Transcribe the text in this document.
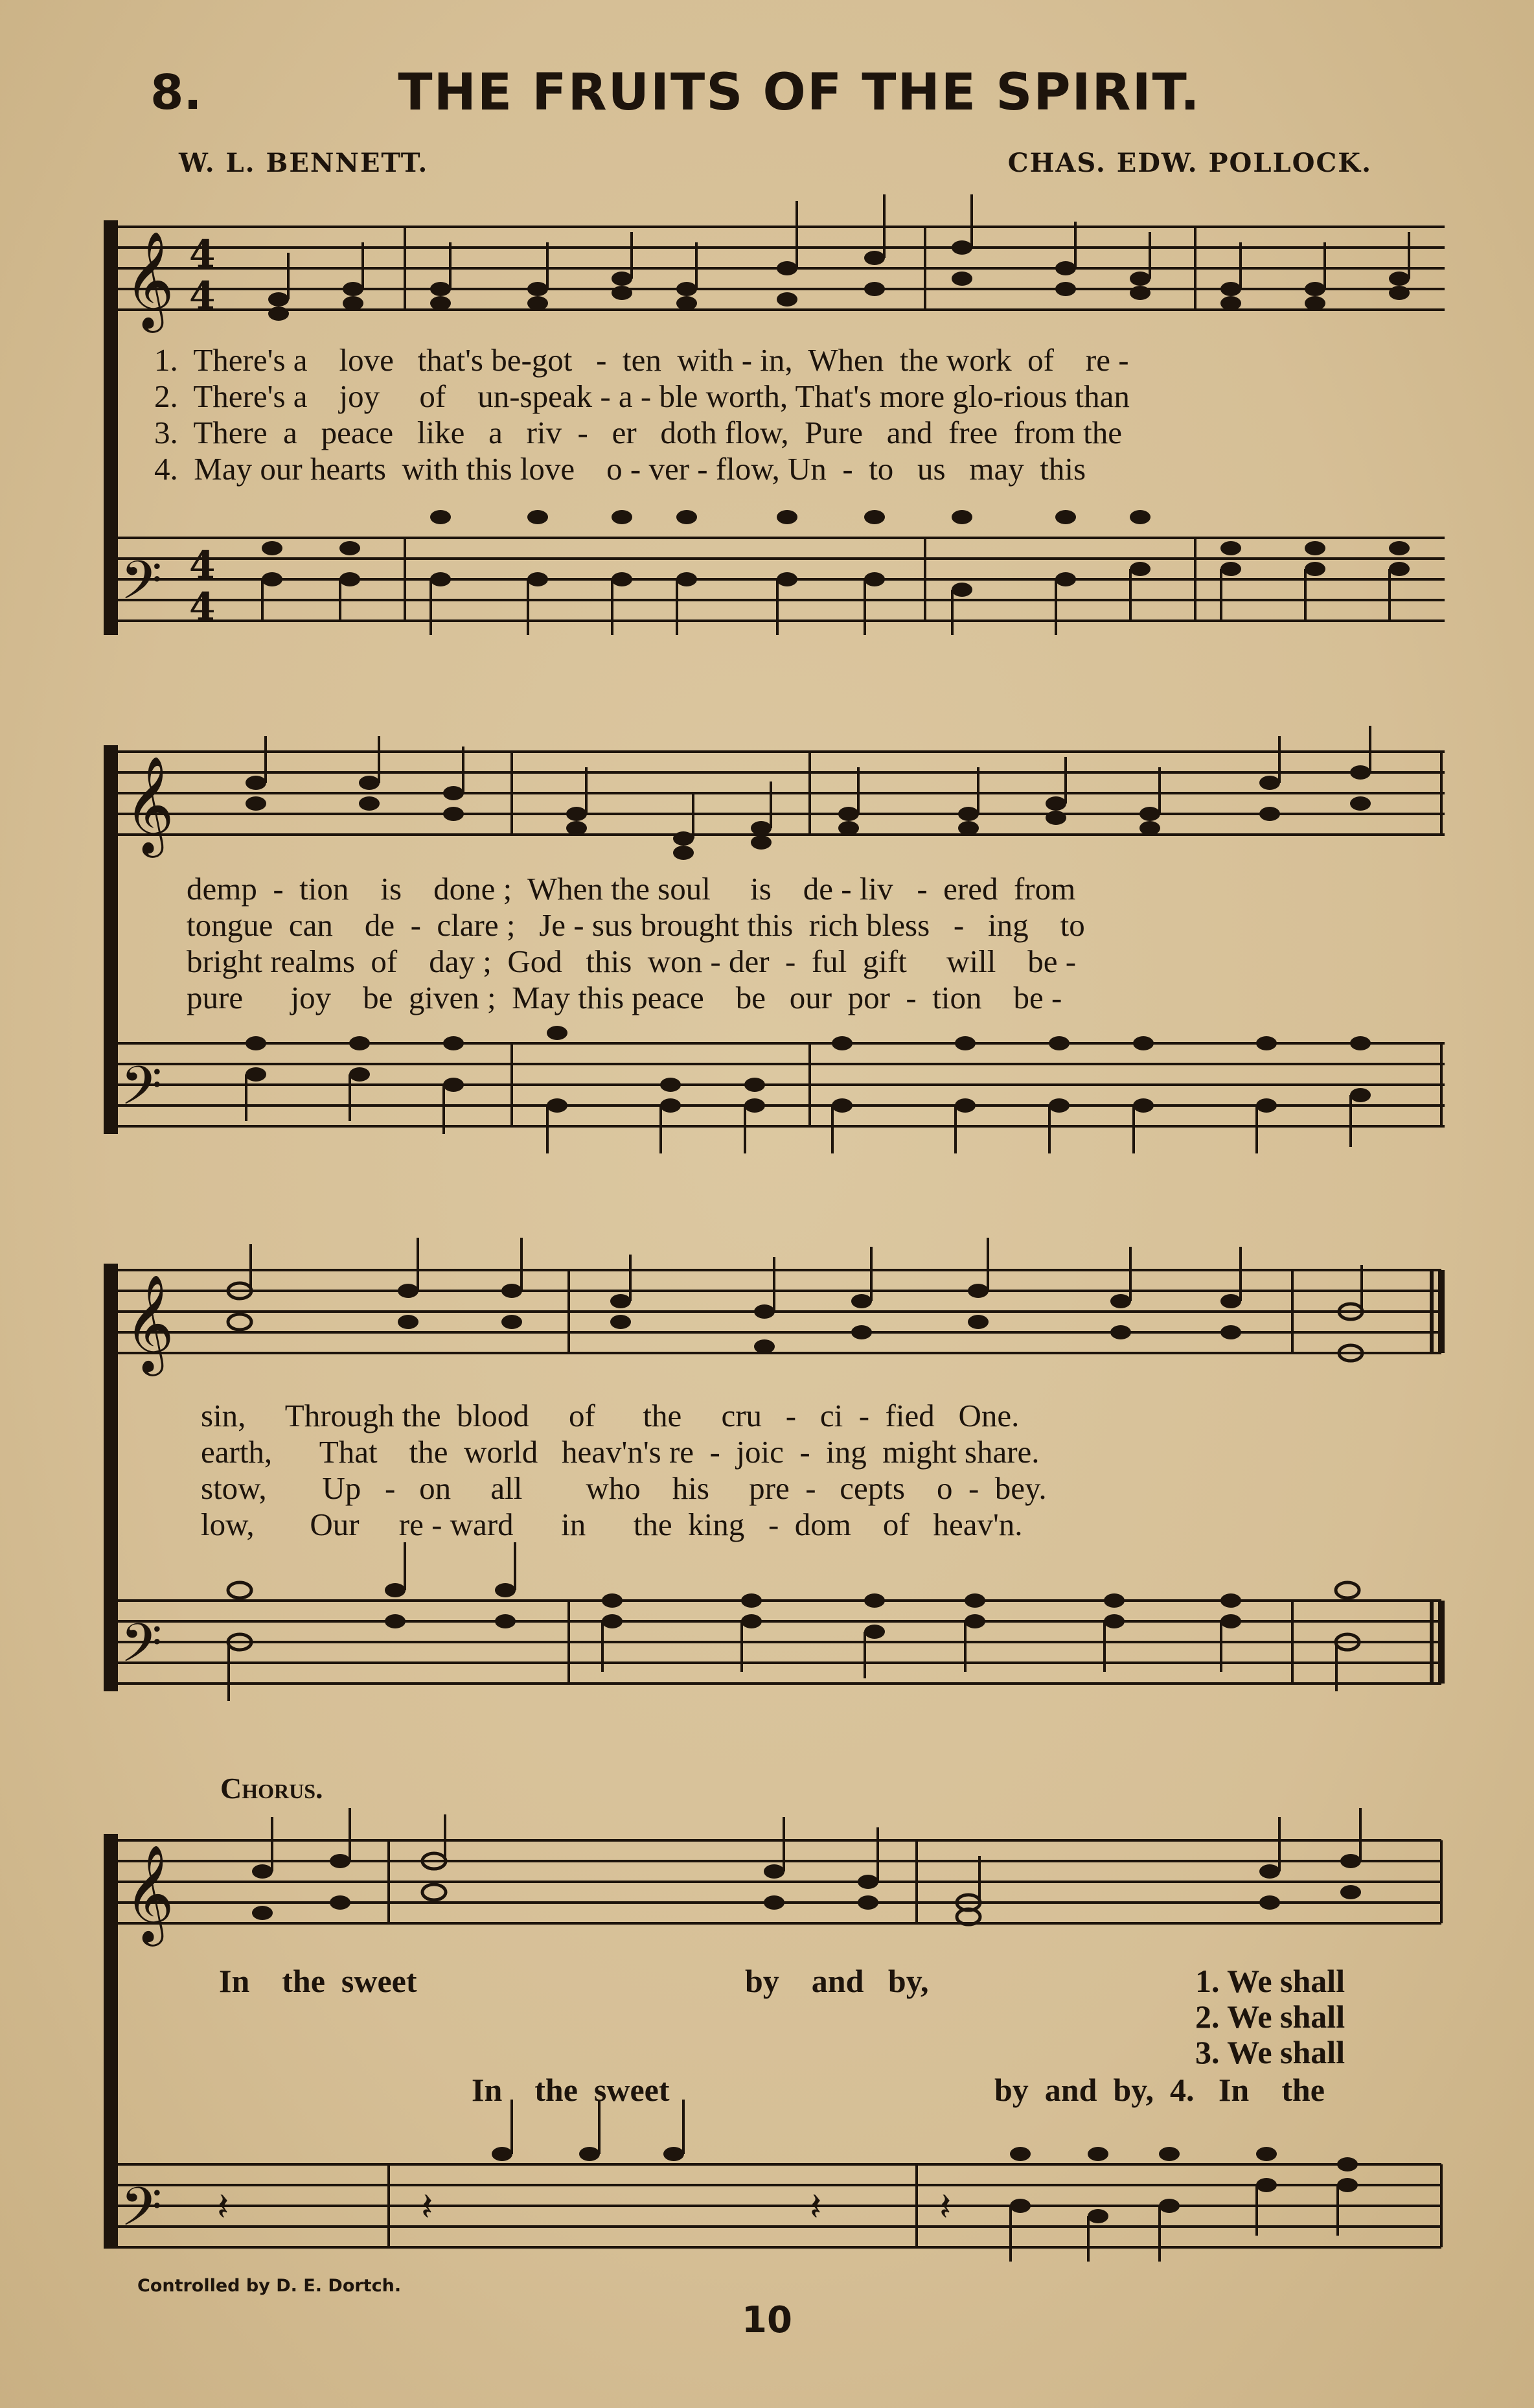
8.	THE FRUITS OF THE SPIRIT.
W. L. BENNETT.	CHAS. EDW. POLLOCK.
𝄞 4
4
𝄢 4
4
1.  There's a    love   that's be-got   -  ten  with - in,  When  the work  of    re -
2.  There's a    joy     of    un-speak - a - ble worth, That's more glo-rious than
3.  There  a   peace   like   a   riv  -   er   doth flow,  Pure   and  free  from the
4.  May our hearts  with this love    o - ver - flow, Un  -  to   us   may  this
𝄞
𝄢
demp  -  tion    is    done ;  When the soul     is    de - liv   -  ered  from
tongue  can    de  -  clare ;   Je - sus brought this  rich bless   -   ing    to
bright realms  of    day ;  God   this  won - der  -  ful  gift     will    be -
pure      joy    be  given ;  May this peace    be   our  por  -  tion    be -
𝄞
𝄢
sin,     Through the  blood     of      the     cru   -   ci  -  fied   One.
earth,      That    the  world   heav'n's re  -  joic  -  ing  might share.
stow,       Up   -   on     all        who    his     pre  -   cepts    o  -  bey.
low,       Our     re - ward      in      the  king   -  dom    of   heav'n.
Chorus.
𝄞
𝄢 𝄽	𝄽	𝄽	𝄽
In    the  sweet	by    and   by,	1. We shall
2. We shall
3. We shall
In    the  sweet	by  and  by,  4.   In    the
Controlled by D. E. Dortch.
10
